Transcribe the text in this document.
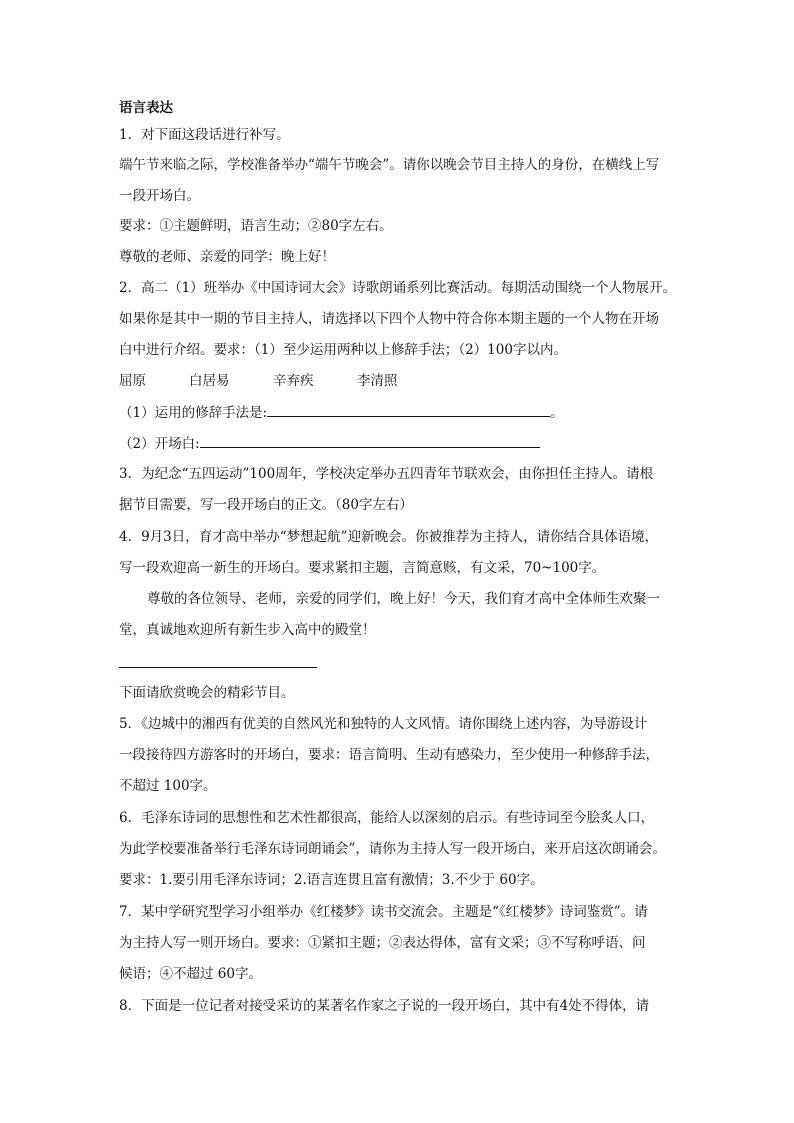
语言表达
1．对下面这段话进行补写。
端午节来临之际，学校准备举办“端午节晚会”。请你以晚会节目主持人的身份，在横线上写
一段开场白。
要求：①主题鲜明，语言生动；②80字左右。
尊敬的老师、亲爱的同学：晚上好！
2．高二（1）班举办《中国诗词大会》诗歌朗诵系列比赛活动。每期活动围绕一个人物展开。
如果你是其中一期的节目主持人，请选择以下四个人物中符合你本期主题的一个人物在开场
白中进行介绍。要求：（1）至少运用两种以上修辞手法；（2）100字以内。
屈原	白居易	辛弃疾	李清照
（1）运用的修辞手法是:	。
（2）开场白:
3．为纪念“五四运动”100周年，学校决定举办五四青年节联欢会，由你担任主持人。请根
据节目需要，写一段开场白的正文。（80字左右）
4．9月3日，育才高中举办“梦想起航”迎新晚会。你被推荐为主持人，请你结合具体语境，
写一段欢迎高一新生的开场白。要求紧扣主题，言简意赅，有文采，70~100字。
尊敬的各位领导、老师，亲爱的同学们，晚上好！今天，我们育才高中全体师生欢聚一
堂，真诚地欢迎所有新生步入高中的殿堂！
下面请欣赏晚会的精彩节目。
5．《边城中的湘西有优美的自然风光和独特的人文风情。请你围绕上述内容，为导游设计
一段接待四方游客时的开场白，要求：语言简明、生动有感染力，至少使用一种修辞手法，
不超过 100字。
6．毛泽东诗词的思想性和艺术性都很高，能给人以深刻的启示。有些诗词至今脍炙人口，
为此学校要准备举行毛泽东诗词朗诵会”，请你为主持人写一段开场白，来开启这次朗诵会。
要求：1.要引用毛泽东诗词；2.语言连贯且富有激情；3.不少于 60字。
7．某中学研究型学习小组举办《红楼梦》读书交流会。主题是“《红楼梦》诗词鉴赏”。请
为主持人写一则开场白。要求：①紧扣主题；②表达得体，富有文采；③不写称呼语、问
候语；④不超过 60字。
8．下面是一位记者对接受采访的某著名作家之子说的一段开场白，其中有4处不得体，请
